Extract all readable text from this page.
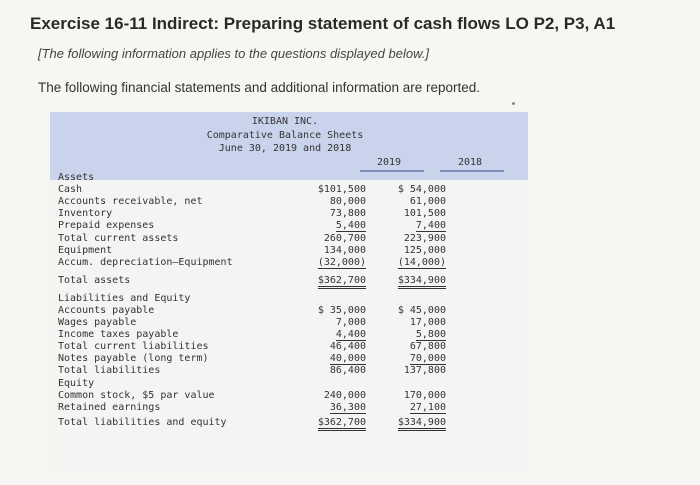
Exercise 16-11 Indirect: Preparing statement of cash flows LO P2, P3, A1
[The following information applies to the questions displayed below.]
The following financial statements and additional information are reported.
IKIBAN INC.
Comparative Balance Sheets
June 30, 2019 and 2018
2019	2018
Assets
Cash	$101,500	$ 54,000
Accounts receivable, net	80,000	61,000
Inventory	73,800	101,500
Prepaid expenses	5,400	7,400
Total current assets	260,700	223,900
Equipment	134,000	125,000
Accum. depreciation—Equipment	(32,000)	(14,000)
Total assets	$362,700	$334,900
Liabilities and Equity
Accounts payable	$ 35,000	$ 45,000
Wages payable	7,000	17,000
Income taxes payable	4,400	5,800
Total current liabilities	46,400	67,800
Notes payable (long term)	40,000	70,000
Total liabilities	86,400	137,800
Equity
Common stock, $5 par value	240,000	170,000
Retained earnings	36,300	27,100
Total liabilities and equity	$362,700	$334,900
